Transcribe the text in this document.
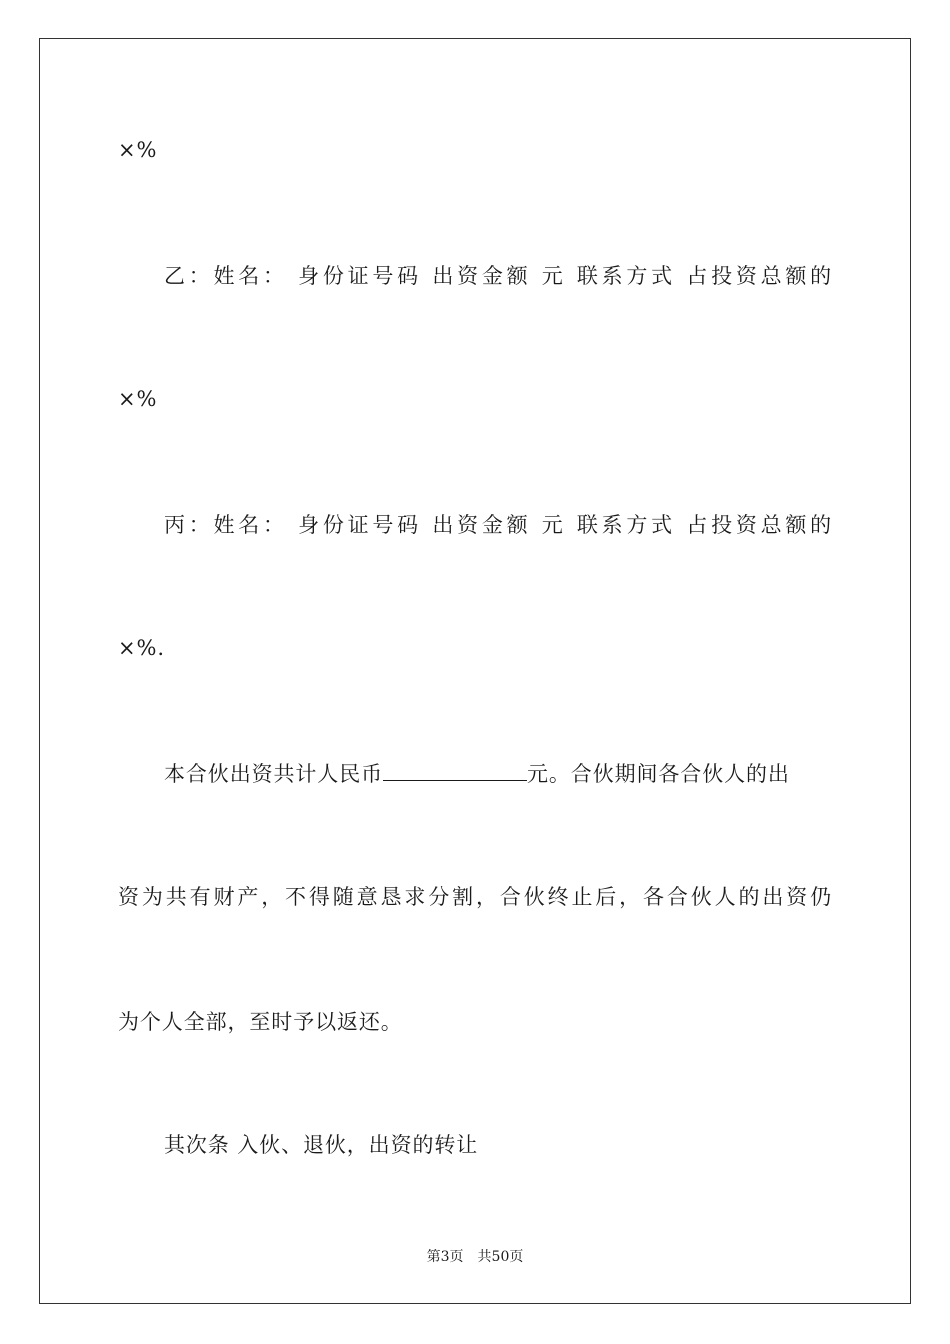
×%
乙：姓名： 身份证号码 出资金额 元 联系方式 占投资总额的
×%
丙：姓名： 身份证号码 出资金额 元 联系方式 占投资总额的
×%.
本合伙出资共计人民币	元。合伙期间各合伙人的出
资为共有财产，不得随意恳求分割，合伙终止后，各合伙人的出资仍
为个人全部，至时予以返还。
其次条 入伙、退伙，出资的转让
第3页 共50页
